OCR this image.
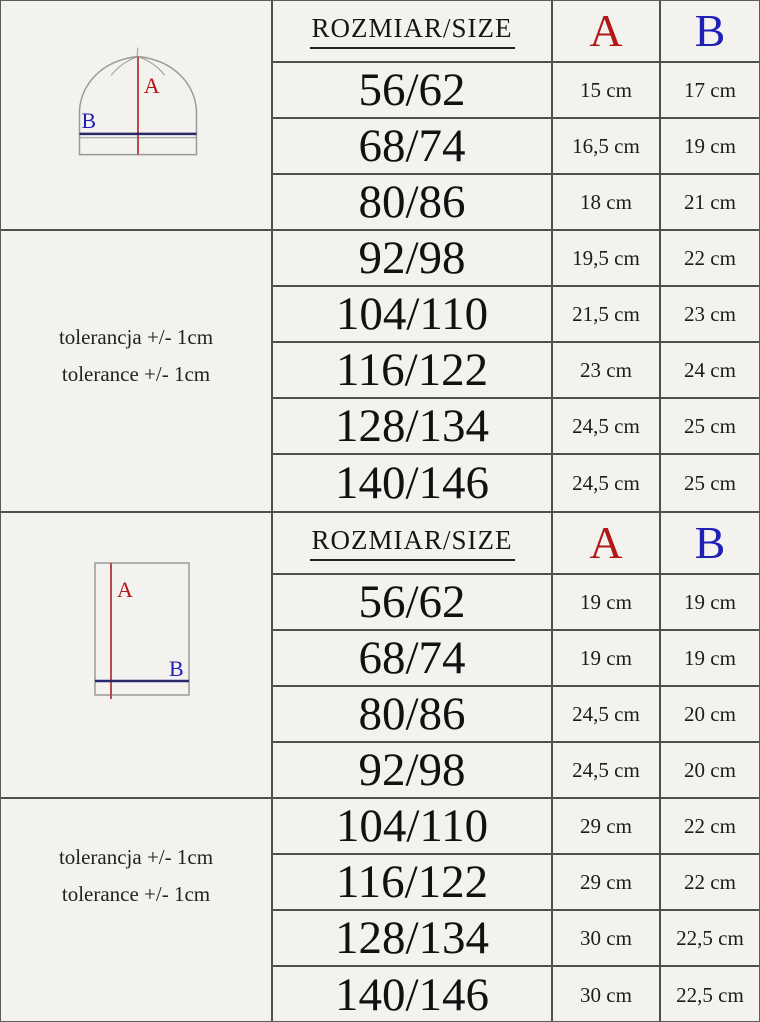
A
B
tolerancja +/- 1cm
tolerance +/- 1cm
ROZMIAR/SIZE A B
56/62	15 cm	17 cm
68/74	16,5 cm	19 cm
80/86	18 cm	21 cm
92/98	19,5 cm	22 cm
104/110	21,5 cm	23 cm
116/122	23 cm	24 cm
128/134	24,5 cm	25 cm
140/146	24,5 cm	25 cm
A
B
tolerancja +/- 1cm
tolerance +/- 1cm
ROZMIAR/SIZE A B
56/62	19 cm	19 cm
68/74	19 cm	19 cm
80/86	24,5 cm	20 cm
92/98	24,5 cm	20 cm
104/110	29 cm	22 cm
116/122	29 cm	22 cm
128/134	30 cm	22,5 cm
140/146	30 cm	22,5 cm
